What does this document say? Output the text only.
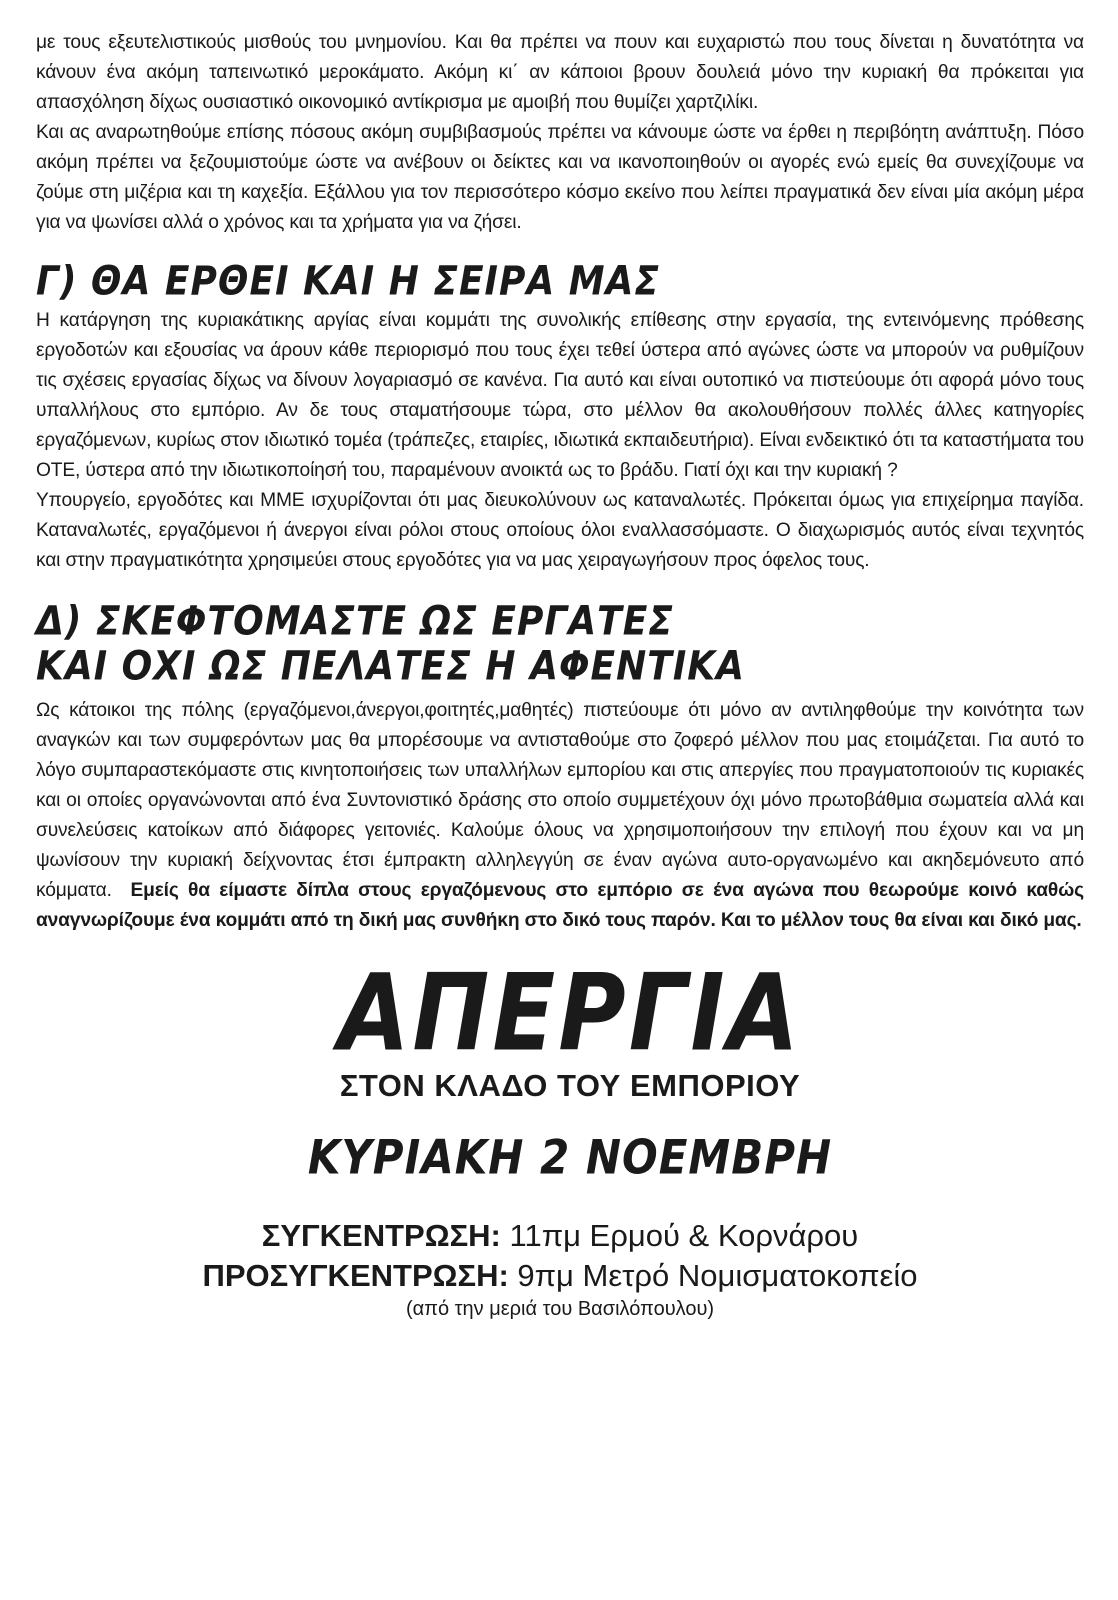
με τους εξευτελιστικούς μισθούς του μνημονίου. Και θα πρέπει να πουν και ευχαριστώ που τους δίνεται η δυνατότητα να κάνουν ένα ακόμη ταπεινωτικό μεροκάματο. Ακόμη κι΄ αν κάποιοι βρουν δουλειά μόνο την κυριακή θα πρόκειται για απασχόληση δίχως ουσιαστικό οικονομικό αντίκρισμα με αμοιβή που θυμίζει χαρτζιλίκι.

Και ας αναρωτηθούμε επίσης πόσους ακόμη συμβιβασμούς πρέπει να κάνουμε ώστε να έρθει η περιβόητη ανάπτυξη. Πόσο ακόμη πρέπει να ξεζουμιστούμε ώστε να ανέβουν οι δείκτες και να ικανοποιηθούν οι αγορές ενώ εμείς θα συνεχίζουμε να ζούμε στη μιζέρια και τη καχεξία. Εξάλλου για τον περισσότερο κόσμο εκείνο που λείπει πραγματικά δεν είναι μία ακόμη μέρα για να ψωνίσει αλλά ο χρόνος και τα χρήματα για να ζήσει.

Γ) ΘΑ ΕΡΘΕΙ ΚΑΙ Η ΣΕΙΡΑ ΜΑΣ

Η κατάργηση της κυριακάτικης αργίας είναι κομμάτι της συνολικής επίθεσης στην εργασία, της εντεινόμενης πρόθεσης εργοδοτών και εξουσίας να άρουν κάθε περιορισμό που τους έχει τεθεί ύστερα από αγώνες ώστε να μπορούν να ρυθμίζουν τις σχέσεις εργασίας δίχως να δίνουν λογαριασμό σε κανένα. Για αυτό και είναι ουτοπικό να πιστεύουμε ότι αφορά μόνο τους υπαλλήλους στο εμπόριο. Αν δε τους σταματήσουμε τώρα, στο μέλλον θα ακολουθήσουν πολλές άλλες κατηγορίες εργαζόμενων, κυρίως στον ιδιωτικό τομέα (τράπεζες, εταιρίες, ιδιωτικά εκπαιδευτήρια). Είναι ενδεικτικό ότι τα καταστήματα του ΟΤΕ, ύστερα από την ιδιωτικοποίησή του, παραμένουν ανοικτά ως το βράδυ. Γιατί όχι και την κυριακή ?

Υπουργείο, εργοδότες και ΜΜΕ ισχυρίζονται ότι μας διευκολύνουν ως καταναλωτές. Πρόκειται όμως για επιχείρημα παγίδα. Καταναλωτές, εργαζόμενοι ή άνεργοι είναι ρόλοι στους οποίους όλοι εναλλασσόμαστε. Ο διαχωρισμός αυτός είναι τεχνητός και στην πραγματικότητα χρησιμεύει στους εργοδότες για να μας χειραγωγήσουν προς όφελος τους.

Δ) ΣΚΕΦΤΟΜΑΣΤΕ ΩΣ ΕΡΓΑΤΕΣ
ΚΑΙ ΟΧΙ ΩΣ ΠΕΛΑΤΕΣ Η ΑΦΕΝΤΙΚΑ

Ως κάτοικοι της πόλης (εργαζόμενοι,άνεργοι,φοιτητές,μαθητές) πιστεύουμε ότι μόνο αν αντιληφθούμε την κοινότητα των αναγκών και των συμφερόντων μας θα μπορέσουμε να αντισταθούμε στο ζοφερό μέλλον που μας ετοιμάζεται. Για αυτό το λόγο συμπαραστεκόμαστε στις κινητοποιήσεις των υπαλλήλων εμπορίου και στις απεργίες που πραγματοποιούν τις κυριακές και οι οποίες οργανώνονται από ένα Συντονιστικό δράσης στο οποίο συμμετέχουν όχι μόνο πρωτοβάθμια σωματεία αλλά και συνελεύσεις κατοίκων από διάφορες γειτονιές. Καλούμε όλους να χρησιμοποιήσουν την επιλογή που έχουν και να μη ψωνίσουν την κυριακή δείχνοντας έτσι έμπρακτη αλληλεγγύη σε έναν αγώνα αυτο-οργανωμένο και ακηδεμόνευτο από κόμματα. Εμείς θα είμαστε δίπλα στους εργαζόμενους στο εμπόριο σε ένα αγώνα που θεωρούμε κοινό καθώς αναγνωρίζουμε ένα κομμάτι από τη δική μας συνθήκη στο δικό τους παρόν. Και το μέλλον τους θα είναι και δικό μας.

ΑΠΕΡΓΙΑ
ΣΤΟΝ ΚΛΑΔΟ ΤΟΥ ΕΜΠΟΡΙΟΥ
ΚΥΡΙΑΚΗ 2 ΝΟΕΜΒΡΗ

ΣΥΓΚΕΝΤΡΩΣΗ: 11πμ Ερμού & Κορνάρου

ΠΡΟΣΥΓΚΕΝΤΡΩΣΗ: 9πμ Μετρό Νομισματοκοπείο

(από την μεριά του Βασιλόπουλου)
